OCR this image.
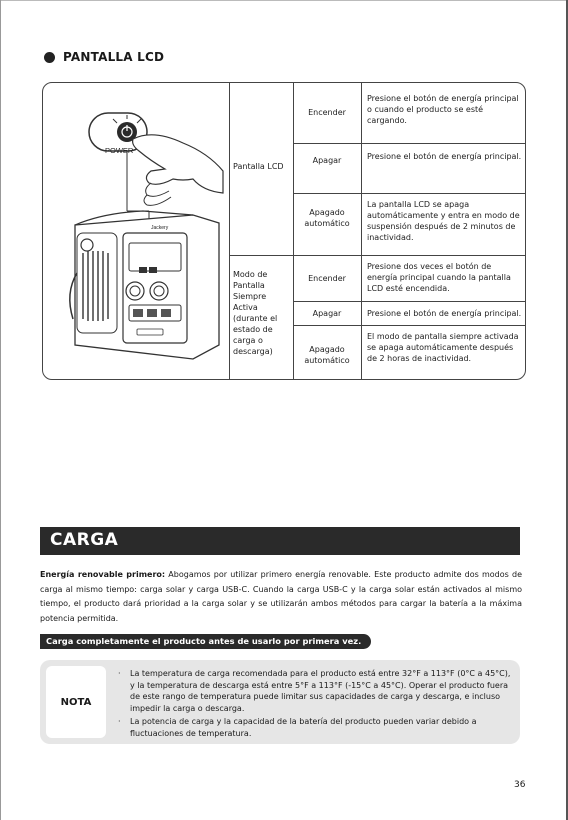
PANTALLA LCD
POWER
Jackery
Pantalla LCD
Encender
Presione el botón de energía principal o cuando el producto se esté cargando.
Apagar	Presione el botón de energía principal.
Apagado automático
La pantalla LCD se apaga automáticamente y entra en modo de suspensión después de 2 minutos de inactividad.
Modo de Pantalla Siempre Activa (durante el estado de carga o descarga)
Encender
Presione dos veces el botón de energía principal cuando la pantalla LCD esté encendida.
Apagar	Presione el botón de energía principal.
Apagado automático
El modo de pantalla siempre activada se apaga automáticamente después de 2 horas de inactividad.
CARGA
Energía renovable primero: Abogamos por utilizar primero energía renovable. Este producto admite dos modos de carga al mismo tiempo: carga solar y carga USB-C. Cuando la carga USB-C y la carga solar están activados al mismo tiempo, el producto dará prioridad a la carga solar y se utilizarán ambos métodos para cargar la batería a la máxima potencia permitida.
Carga completamente el producto antes de usarlo por primera vez.
NOTA
· La temperatura de carga recomendada para el producto está entre 32°F a 113°F (0°C a 45°C), y la temperatura de descarga está entre 5°F a 113°F (-15°C a 45°C). Operar el producto fuera de este rango de temperatura puede limitar sus capacidades de carga y descarga, e incluso impedir la carga o descarga.
· La potencia de carga y la capacidad de la batería del producto pueden variar debido a fluctuaciones de temperatura.
36
